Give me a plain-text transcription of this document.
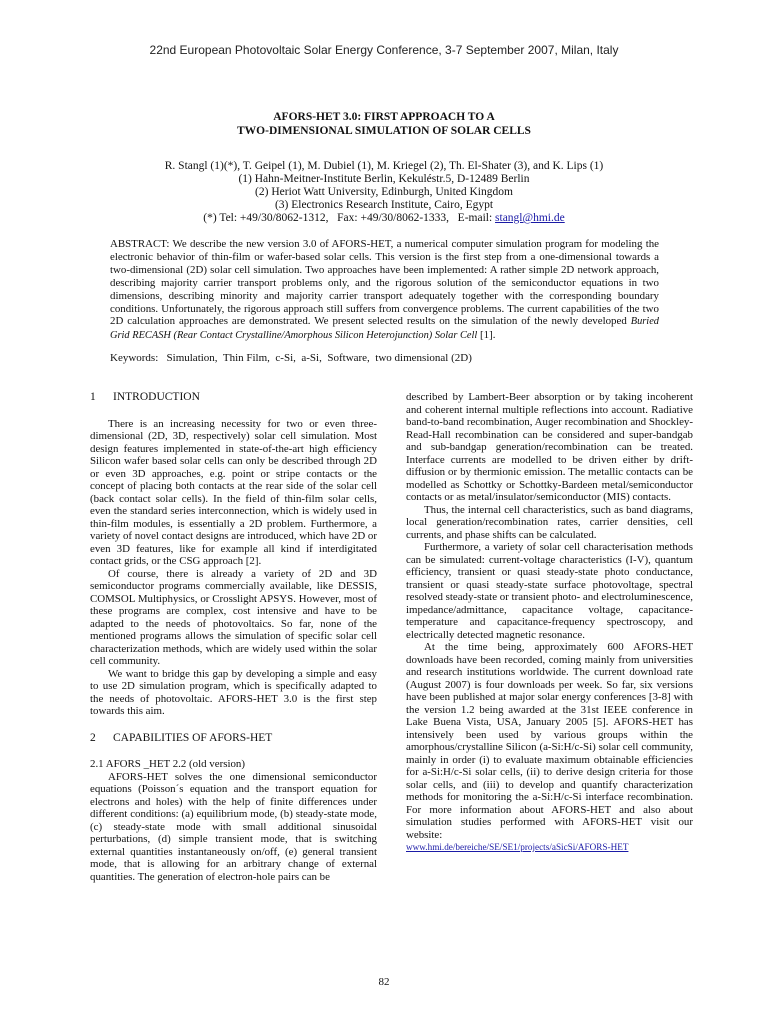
22nd European Photovoltaic Solar Energy Conference, 3-7 September 2007, Milan, Italy
AFORS-HET 3.0: FIRST APPROACH TO A
TWO-DIMENSIONAL SIMULATION OF SOLAR CELLS
R. Stangl (1)(*), T. Geipel (1), M. Dubiel (1), M. Kriegel (2), Th. El-Shater (3), and K. Lips (1)
(1) Hahn-Meitner-Institute Berlin, Kekuléstr.5, D-12489 Berlin
(2) Heriot Watt University, Edinburgh, United Kingdom
(3) Electronics Research Institute, Cairo, Egypt
(*) Tel: +49/30/8062-1312,   Fax: +49/30/8062-1333,   E-mail: stangl@hmi.de
ABSTRACT: We describe the new version 3.0 of AFORS-HET, a numerical computer simulation program for modeling the electronic behavior of thin-film or wafer-based solar cells. This version is the first step from a one-dimensional towards a two-dimensional (2D) solar cell simulation. Two approaches have been implemented: A rather simple 2D network approach, describing majority carrier transport problems only, and the rigorous solution of the semiconductor equations in two dimensions, describing minority and majority carrier transport adequately together with the corresponding boundary conditions. Unfortunately, the rigorous approach still suffers from convergence problems. The current capabilities of the two 2D calculation approaches are demonstrated. We present selected results on the simulation of the newly developed Buried Grid RECASH (Rear Contact Crystalline/Amorphous Silicon Heterojunction) Solar Cell [1].
Keywords:   Simulation,  Thin Film,  c-Si,  a-Si,  Software,  two dimensional (2D)
1      INTRODUCTION

There is an increasing necessity for two or even three-dimensional (2D, 3D, respectively) solar cell simulation. Most design features implemented in state-of-the-art high efficiency Silicon wafer based solar cells can only be described through 2D or even 3D approaches, e.g. point or stripe contacts or the concept of placing both contacts at the rear side of the solar cell (back contact solar cells). In the field of thin-film solar cells, even the standard series interconnection, which is widely used in thin-film modules, is essentially a 2D problem. Furthermore, a variety of novel contact designs are introduced, which have 2D or even 3D features, like for example all kind if interdigitated contact grids, or the CSG approach [2].

Of course, there is already a variety of 2D and 3D semiconductor programs commercially available, like DESSIS, COMSOL Multiphysics, or Crosslight APSYS. However, most of these programs are complex, cost intensive and have to be adapted to the needs of photovoltaics. So far, none of the mentioned programs allows the simulation of specific solar cell characterization methods, which are widely used within the solar cell community.

We want to bridge this gap by developing a simple and easy to use 2D simulation program, which is specifically adapted to the needs of photovoltaic. AFORS-HET 3.0 is the first step towards this aim.

2      CAPABILITIES OF AFORS-HET

2.1 AFORS _HET 2.2 (old version)

AFORS-HET solves the one dimensional semiconductor equations (Poisson´s equation and the transport equation for electrons and holes) with the help of finite differences under different conditions: (a) equilibrium mode, (b) steady-state mode, (c) steady-state mode with small additional sinusoidal perturbations, (d) simple transient mode, that is switching external quantities instantaneously on/off, (e) general transient mode, that is allowing for an arbitrary change of external quantities. The generation of electron-hole pairs can be

described by Lambert-Beer absorption or by taking incoherent and coherent internal multiple reflections into account. Radiative band-to-band recombination, Auger recombination and Shockley-Read-Hall recombination can be considered and super-bandgab and sub-bandgap generation/recombination can be treated. Interface currents are modelled to be driven either by drift-diffusion or by thermionic emission. The metallic contacts can be modelled as Schottky or Schottky-Bardeen metal/semiconductor contacts or as metal/insulator/semiconductor (MIS) contacts.

Thus, the internal cell characteristics, such as band diagrams, local generation/recombination rates, carrier densities, cell currents, and phase shifts can be calculated.

Furthermore, a variety of solar cell characterisation methods can be simulated: current-voltage characteristics (I-V), quantum efficiency, transient or quasi steady-state photo conductance, transient or quasi steady-state surface photovoltage, spectral resolved steady-state or transient photo- and electroluminescence, impedance/admittance, capacitance voltage, capacitance-temperature and capacitance-frequency spectroscopy, and electrically detected magnetic resonance.

At the time being, approximately 600 AFORS-HET downloads have been recorded, coming mainly from universities and research institutions worldwide. The current download rate (August 2007) is four downloads per week. So far, six versions have been published at major solar energy conferences [3-8] with the version 1.2 being awarded at the 31st IEEE conference in Lake Buena Vista, USA, January 2005 [5]. AFORS-HET has intensively been used by various groups within the amorphous/crystalline Silicon (a-Si:H/c-Si) solar cell community, mainly in order (i) to evaluate maximum obtainable efficiencies for a-Si:H/c-Si solar cells, (ii) to derive design criteria for those solar cells, and (iii) to develop and quantify characterization methods for monitoring the a-Si:H/c-Si interface recombination. For more information about AFORS-HET and also about simulation studies performed with AFORS-HET visit our website:

www.hmi.de/bereiche/SE/SE1/projects/aSicSi/AFORS-HET

82
